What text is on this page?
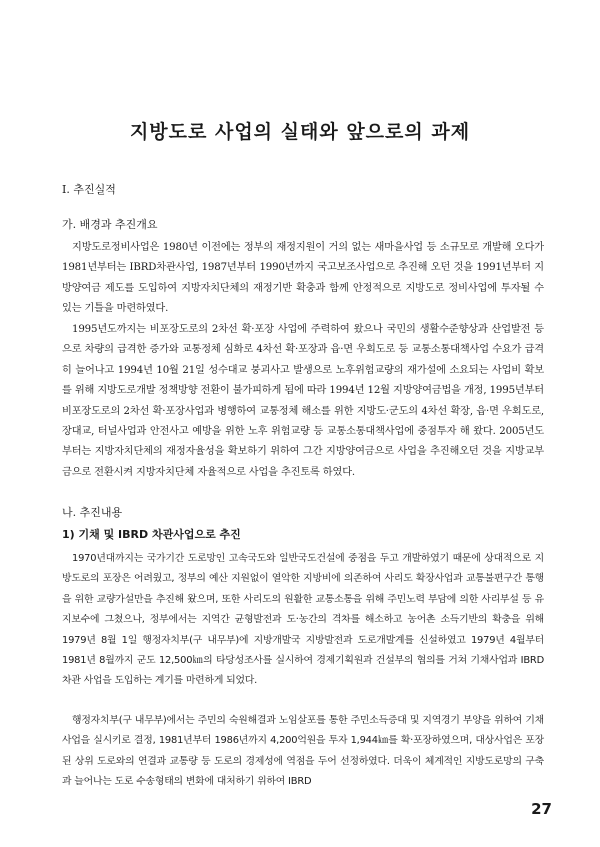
지방도로 사업의 실태와 앞으로의 과제
I. 추진실적
가. 배경과 추진개요

지방도로정비사업은 1980년 이전에는 정부의 재정지원이 거의 없는 새마을사업 등 소규모로 개발해 오다가 1981년부터는 IBRD차관사업, 1987년부터 1990년까지 국고보조사업으로 추진해 오던 것을 1991년부터 지방양여금 제도를 도입하여 지방자치단체의 재정기반 확충과 함께 안정적으로 지방도로 정비사업에 투자될 수 있는 기틀을 마련하였다.

1995년도까지는 비포장도로의 2차선 확·포장 사업에 주력하여 왔으나 국민의 생활수준향상과 산업발전 등으로 차량의 급격한 증가와 교통정체 심화로 4차선 확·포장과 읍·면 우회도로 등 교통소통대책사업 수요가 급격히 늘어나고 1994년 10월 21일 성수대교 붕괴사고 발생으로 노후위험교량의 재가설에 소요되는 사업비 확보를 위해 지방도로개발 정책방향 전환이 불가피하게 됨에 따라 1994년 12월 지방양여금법을 개정, 1995년부터 비포장도로의 2차선 확·포장사업과 병행하여 교통정체 해소를 위한 지방도·군도의 4차선 확장, 읍·면 우회도로, 장대교, 터널사업과 안전사고 예방을 위한 노후 위험교량 등 교통소통대책사업에 중점투자 해 왔다. 2005년도 부터는 지방자치단체의 재정자율성을 확보하기 위하여 그간 지방양여금으로 사업을 추진해오던 것을 지방교부금으로 전환시켜 지방자치단체 자율적으로 사업을 추진토록 하였다.

나. 추진내용
1) 기채 및 IBRD 차관사업으로 추진

1970년대까지는 국가기간 도로망인 고속국도와 일반국도건설에 중점을 두고 개발하였기 때문에 상대적으로 지방도로의 포장은 어려웠고, 정부의 예산 지원없이 열악한 지방비에 의존하여 사리도 확장사업과 교통불편구간 통행을 위한 교량가설만을 추진해 왔으며, 또한 사리도의 원활한 교통소통을 위해 주민노력 부담에 의한 사리부설 등 유지보수에 그쳤으나, 정부에서는 지역간 균형발전과 도·농간의 격차를 해소하고 농어촌 소득기반의 확충을 위해 1979년 8월 1일 행정자치부(구 내무부)에 지방개발국 지방발전과 도로개발계를 신설하였고 1979년 4월부터 1981년 8월까지 군도 12,500㎞의 타당성조사를 실시하여 경제기획원과 건설부의 협의를 거쳐 기채사업과 IBRD 차관 사업을 도입하는 계기를 마련하게 되었다.

행정자치부(구 내무부)에서는 주민의 숙원해결과 노임살포를 통한 주민소득증대 및 지역경기 부양을 위하여 기채사업을 실시키로 결정, 1981년부터 1986년까지 4,200억원을 투자 1,944㎞를 확·포장하였으며, 대상사업은 포장된 상위 도로와의 연결과 교통량 등 도로의 경제성에 역점을 두어 선정하였다. 더욱이 체계적인 지방도로망의 구축과 늘어나는 도로 수송형태의 변화에 대처하기 위하여 IBRD

27
